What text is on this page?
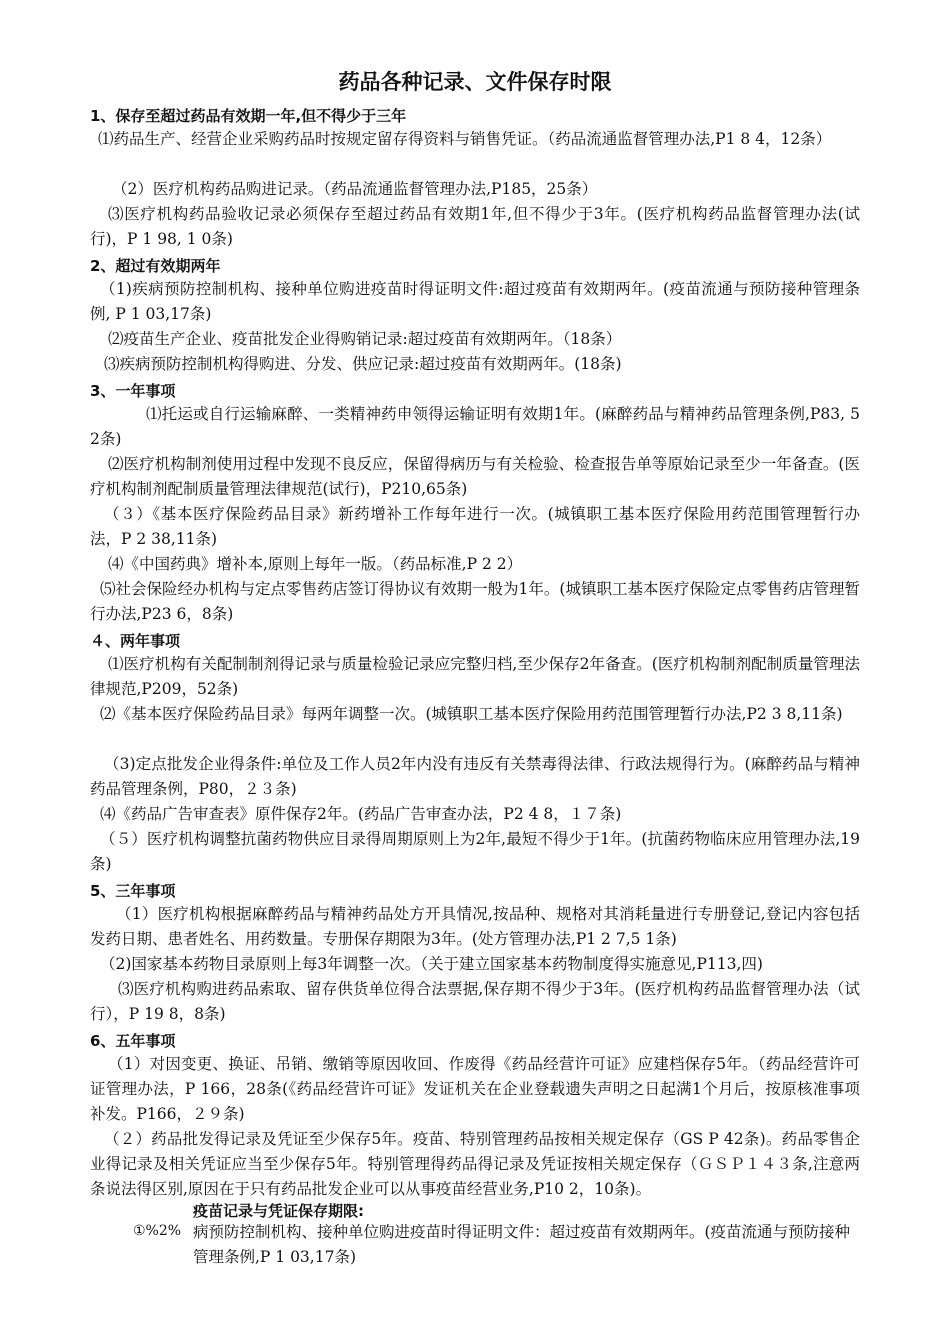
药品各种记录、文件保存时限
1、保存至超过药品有效期一年,但不得少于三年
⑴药品生产、经营企业采购药品时按规定留存得资料与销售凭证。（药品流通监督管理办法,P1 8 4，12条）
（2）医疗机构药品购进记录。（药品流通监督管理办法,P185，25条）
⑶医疗机构药品验收记录必须保存至超过药品有效期1年,但不得少于3年。(医疗机构药品监督管理办法(试行)，P 1 98, 1 0条)
2、超过有效期两年
（1)疾病预防控制机构、接种单位购进疫苗时得证明文件:超过疫苗有效期两年。(疫苗流通与预防接种管理条例, P 1 03,17条)
⑵疫苗生产企业、疫苗批发企业得购销记录:超过疫苗有效期两年。（18条）
⑶疾病预防控制机构得购进、分发、供应记录:超过疫苗有效期两年。(18条)
3、一年事项
⑴托运或自行运输麻醉、一类精神药申领得运输证明有效期1年。(麻醉药品与精神药品管理条例,P83, 5 2条)
⑵医疗机构制剂使用过程中发现不良反应，保留得病历与有关检验、检查报告单等原始记录至少一年备查。(医疗机构制剂配制质量管理法律规范(试行)，P210,65条)
（３）《基本医疗保险药品目录》新药增补工作每年进行一次。(城镇职工基本医疗保险用药范围管理暂行办法，P 2 38,11条)
⑷《中国药典》增补本,原则上每年一版。（药品标准,P 2 2）
⑸社会保险经办机构与定点零售药店签订得协议有效期一般为1年。(城镇职工基本医疗保险定点零售药店管理暂行办法,P23 6，8条)
４、两年事项
⑴医疗机构有关配制制剂得记录与质量检验记录应完整归档,至少保存2年备查。(医疗机构制剂配制质量管理法律规范,P209，52条)
⑵《基本医疗保险药品目录》每两年调整一次。(城镇职工基本医疗保险用药范围管理暂行办法,P2 3 8,11条)
（3)定点批发企业得条件:单位及工作人员2年内没有违反有关禁毒得法律、行政法规得行为。(麻醉药品与精神药品管理条例，P80，２３条)
⑷《药品广告审查表》原件保存2年。(药品广告审查办法，P2 4 8，１７条)
（５）医疗机构调整抗菌药物供应目录得周期原则上为2年,最短不得少于1年。(抗菌药物临床应用管理办法,19条)
5、三年事项
（1）医疗机构根据麻醉药品与精神药品处方开具情况,按品种、规格对其消耗量进行专册登记,登记内容包括发药日期、患者姓名、用药数量。专册保存期限为3年。(处方管理办法,P1 2 7,5 1条)
（2)国家基本药物目录原则上每3年调整一次。（关于建立国家基本药物制度得实施意见,P113,四)
⑶医疗机构购进药品索取、留存供货单位得合法票据,保存期不得少于3年。(医疗机构药品监督管理办法（试行），P 19 8，8条)
6、五年事项
（1）对因变更、换证、吊销、缴销等原因收回、作废得《药品经营许可证》应建档保存5年。（药品经营许可证管理办法，P 166，28条(《药品经营许可证》发证机关在企业登载遗失声明之日起满1个月后，按原核准事项补发。P166，２９条)
（２）药品批发得记录及凭证至少保存5年。疫苗、特别管理药品按相关规定保存（GS P 42条)。药品零售企业得记录及相关凭证应当至少保存5年。特别管理得药品得记录及凭证按相关规定保存（ＧＳＰ１４３条,注意两条说法得区别,原因在于只有药品批发企业可以从事疫苗经营业务,P10 2，10条)。
疫苗记录与凭证保存期限:
①%2% 病预防控制机构、接种单位购进疫苗时得证明文件：超过疫苗有效期两年。(疫苗流通与预防接种管理条例,P 1 03,17条)
